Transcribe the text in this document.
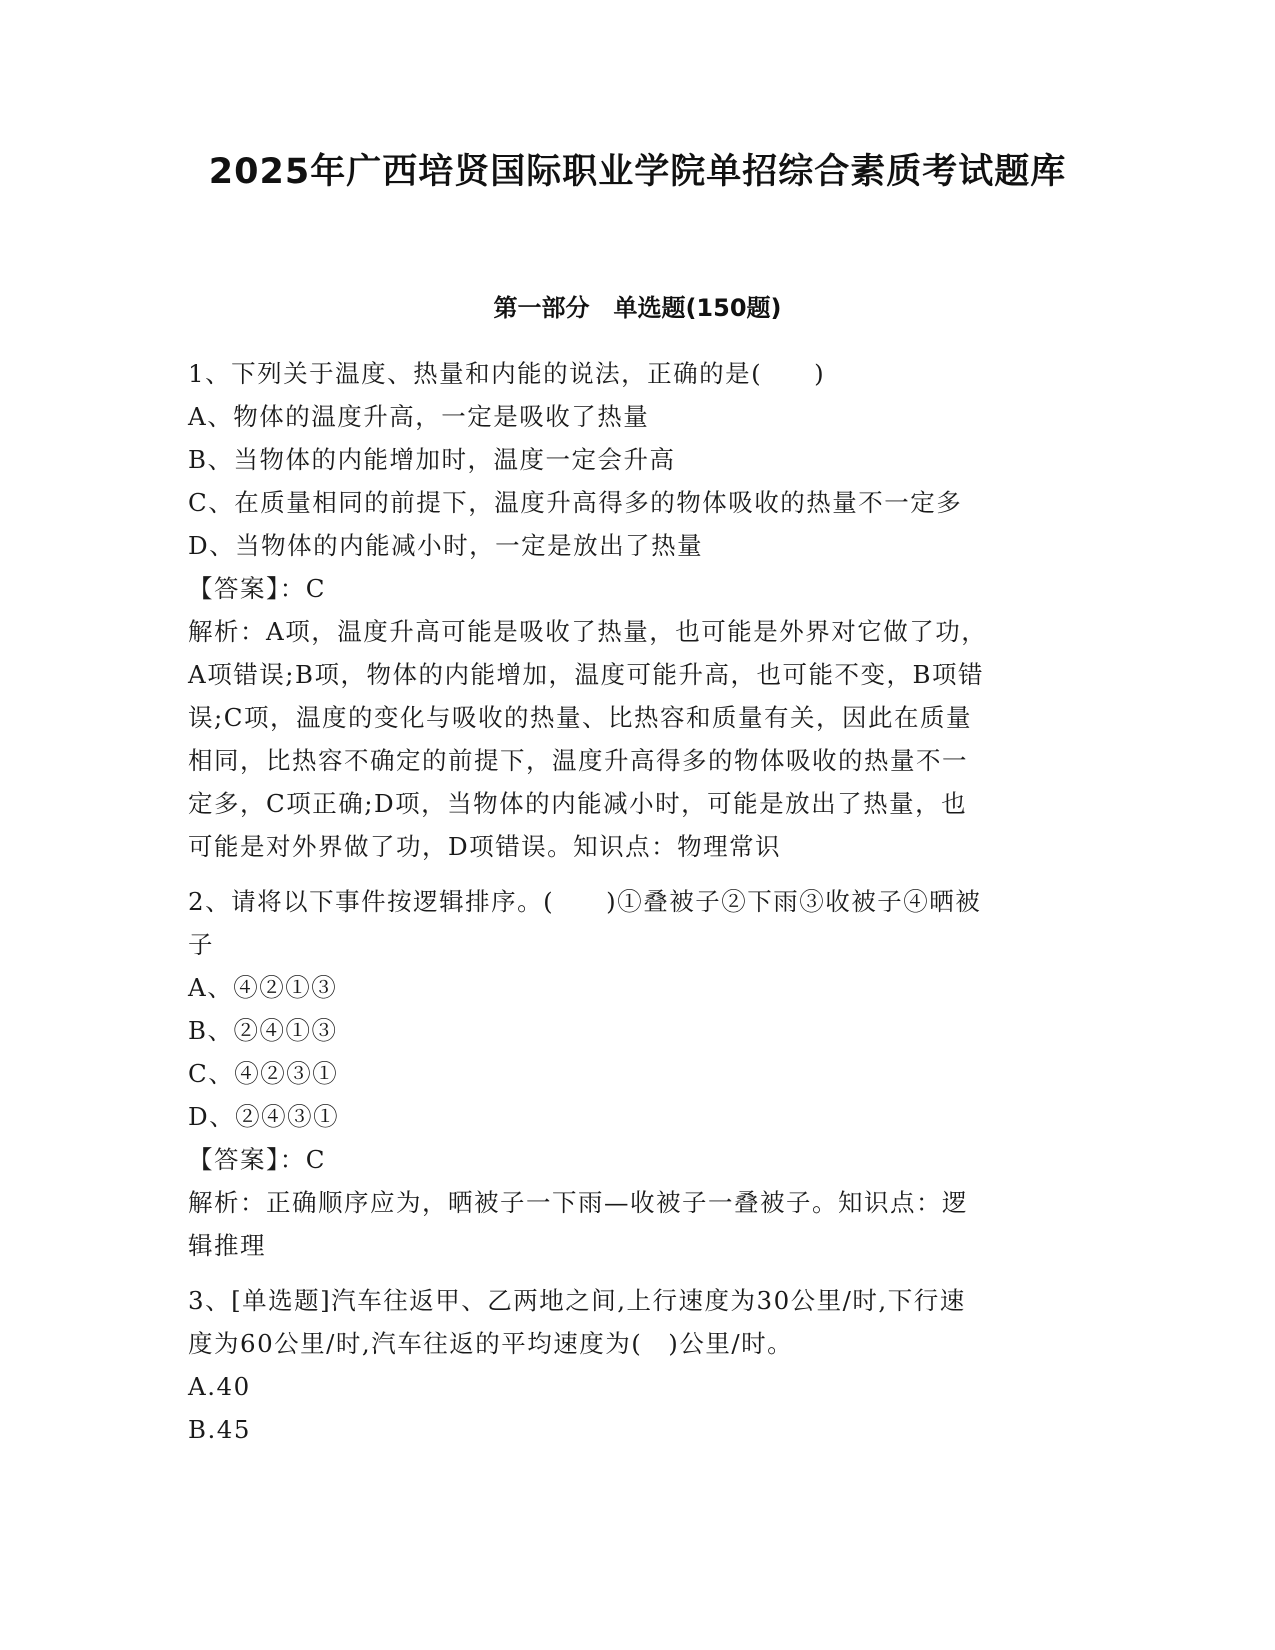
2025年广西培贤国际职业学院单招综合素质考试题库
第一部分　单选题(150题)

1、下列关于温度、热量和内能的说法，正确的是(　　)

A、物体的温度升高，一定是吸收了热量

B、当物体的内能增加时，温度一定会升高

C、在质量相同的前提下，温度升高得多的物体吸收的热量不一定多

D、当物体的内能减小时，一定是放出了热量

【答案】：C

解析：A项，温度升高可能是吸收了热量，也可能是外界对它做了功，

A项错误;B项，物体的内能增加，温度可能升高，也可能不变，B项错

误;C项，温度的变化与吸收的热量、比热容和质量有关，因此在质量

相同，比热容不确定的前提下，温度升高得多的物体吸收的热量不一

定多，C项正确;D项，当物体的内能减小时，可能是放出了热量，也

可能是对外界做了功，D项错误。知识点：物理常识

2、请将以下事件按逻辑排序。(　　)①叠被子②下雨③收被子④晒被

子

A、④②①③

B、②④①③

C、④②③①

D、②④③①

【答案】：C

解析：正确顺序应为，晒被子一下雨—收被子一叠被子。知识点：逻

辑推理

3、[单选题]汽车往返甲、乙两地之间,上行速度为30公里/时,下行速

度为60公里/时,汽车往返的平均速度为(　)公里/时。

A.40

B.45
